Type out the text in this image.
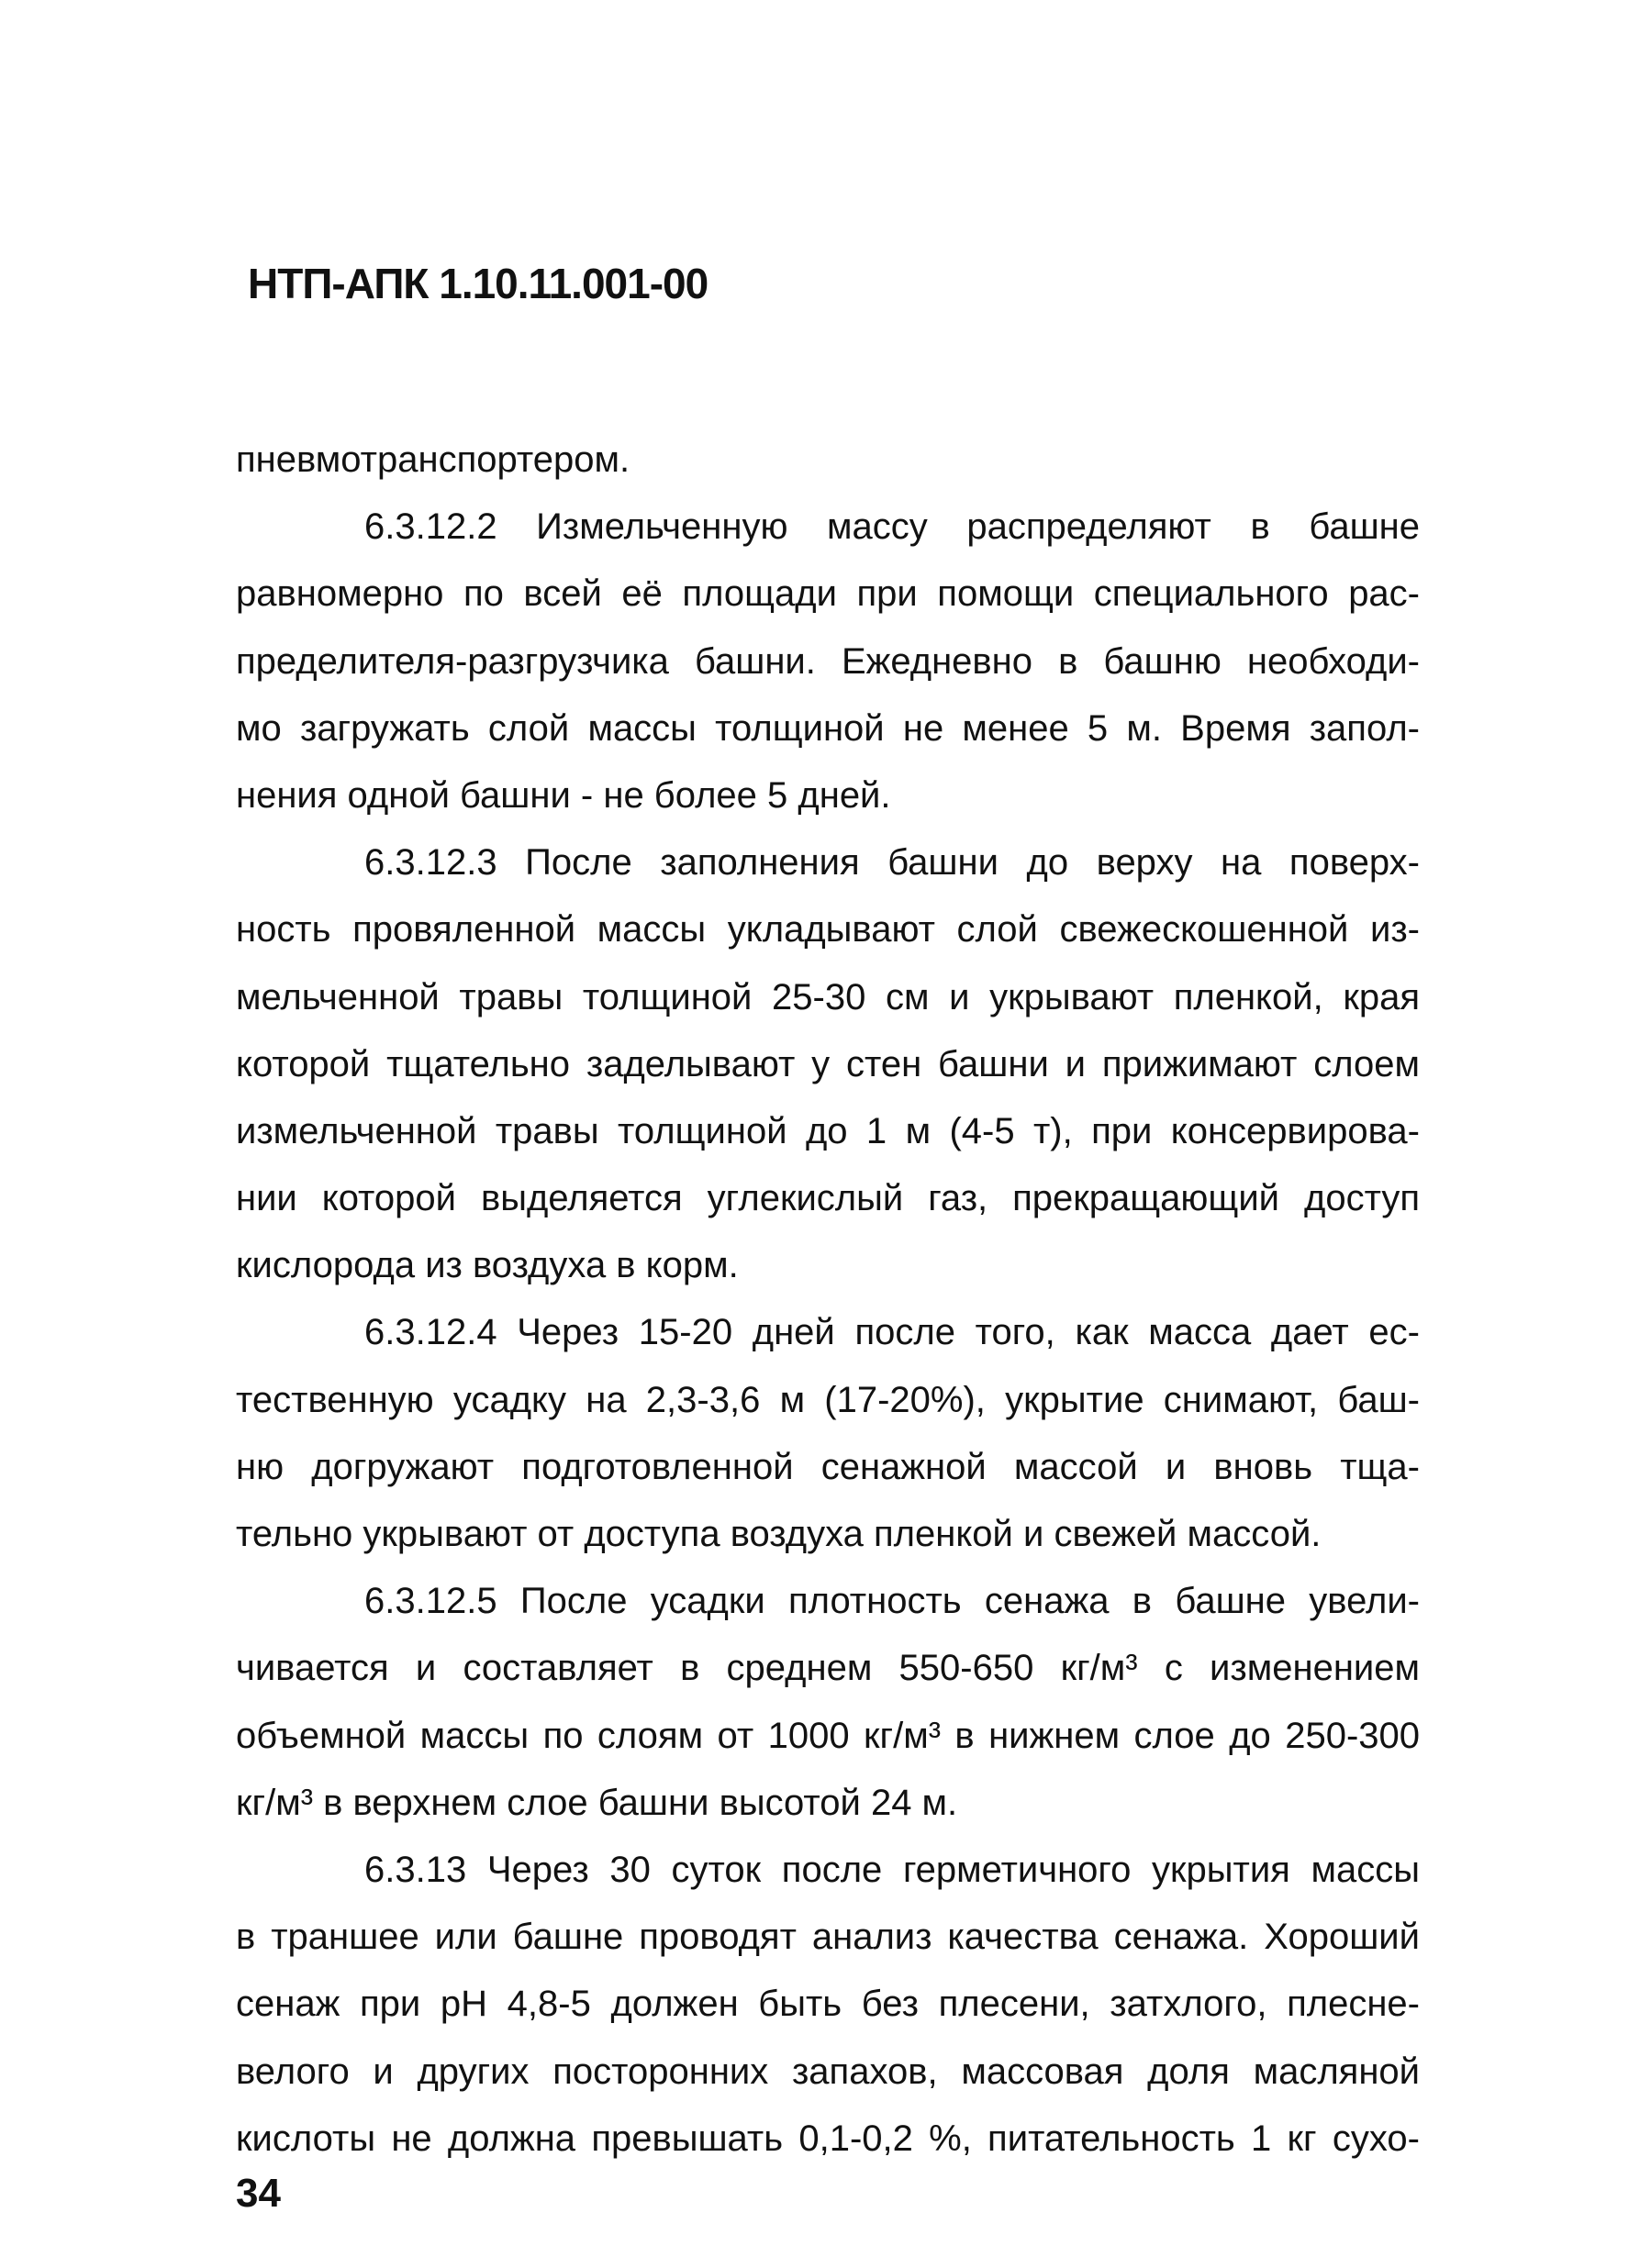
НТП-АПК 1.10.11.001-00
пневмотранспортером.
6.3.12.2 Измельченную массу распределяют в башне
равномерно по всей её площади при помощи специального рас-
пределителя-разгрузчика башни. Ежедневно в башню необходи-
мо загружать слой массы толщиной не менее 5 м. Время запол-
нения одной башни - не более 5 дней.
6.3.12.3 После заполнения башни до верху на поверх-
ность провяленной массы укладывают слой свежескошенной из-
мельченной травы толщиной 25-30 см и укрывают пленкой, края
которой тщательно заделывают у стен башни и прижимают слоем
измельченной травы толщиной до 1 м (4-5 т), при консервирова-
нии которой выделяется углекислый газ, прекращающий доступ
кислорода из воздуха в корм.
6.3.12.4 Через 15-20 дней после того, как масса дает ес-
тественную усадку на 2,3-3,6 м (17-20%), укрытие снимают, баш-
ню догружают подготовленной сенажной массой и вновь тща-
тельно укрывают от доступа воздуха пленкой и свежей массой.
6.3.12.5 После усадки плотность сенажа в башне увели-
чивается и составляет в среднем 550-650 кг/м³ с изменением
объемной массы по слоям от 1000 кг/м³ в нижнем слое до 250-300
кг/м³ в верхнем слое башни высотой 24 м.
6.3.13 Через 30 суток после герметичного укрытия массы
в траншее или башне проводят анализ качества сенажа. Хороший
сенаж при рН 4,8-5 должен быть без плесени, затхлого, плесне-
велого и других посторонних запахов, массовая доля масляной
кислоты не должна превышать 0,1-0,2 %, питательность 1 кг сухо-

34
